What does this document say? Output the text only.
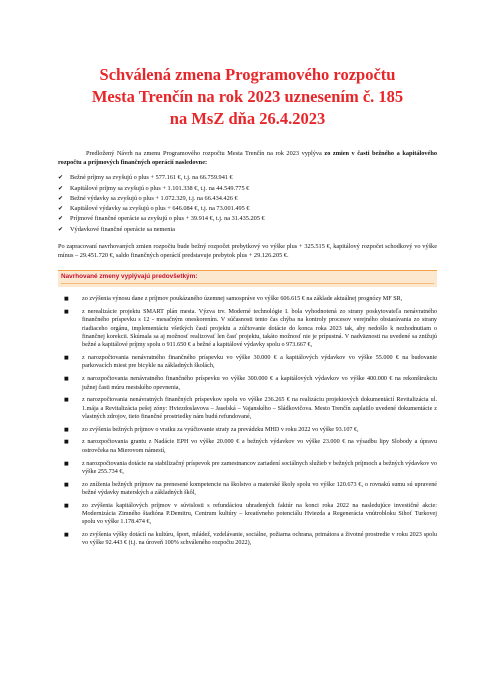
Schválená zmena Programového rozpočtu
Mesta Trenčín na rok 2023 uznesením č. 185
na MsZ dňa 26.4.2023

Predložený Návrh na zmenu Programového rozpočtu Mesta Trenčín na rok 2023 vyplýva zo zmien v časti bežného a kapitálového rozpočtu a príjmových finančných operácií nasledovne:

✔	Bežné príjmy sa zvyšujú o plus + 577.161 €, t.j. na 66.759.941 €
✔	Kapitálové príjmy sa zvyšujú o plus + 1.101.338 €, t.j. na 44.549.775 €
✔	Bežné výdavky sa zvyšujú o plus + 1.072.329, t.j. na 66.434.426 €
✔	Kapitálové výdavky sa zvyšujú o plus + 646.084 €, t.j. na 73.001.495 €
✔	Príjmové finančné operácie sa zvyšujú o plus + 39.914 €, t.j. na 31.435.205 €
✔	Výdavkové finančné operácie sa nemenia

Po zapracovaní navrhovaných zmien rozpočtu bude bežný rozpočet prebytkový vo výške plus + 325.515 €, kapitálový rozpočet schodkový vo výške mínus – 29.451.720 €, saldo finančných operácií predstavuje prebytok plus + 29.126.205 €.

Navrhované zmeny vyplývajú predovšetkým:
■	zo zvýšenia výnosu dane z príjmov poukázaného územnej samospráve vo výške 606.615 € na základe aktuálnej prognózy MF SR,
■	z nerealizácie projektu SMART plán mesta. Výzva trv. Moderné technológie I. bola vyhodnotená zo strany poskytovateľa nenávratného finančného príspevku s 12 - mesačným oneskorením. V súčasnosti tento čas chýba na kontroly procesov verejného obstarávania zo strany riadiaceho orgánu, implementáciu všetkých častí projektu a zúčtovanie dotácie do konca roka 2023 tak, aby nedošlo k nezhodnutiam o finančnej korekcii. Skúmala sa aj možnosť realizovať len časť projektu, takáto možnosť nie je prípustná. V nadväznosti na uvedené sa znižujú bežné a kapitálové príjmy spolu o 911.650 € a bežné a kapitálové výdavky spolu o 973.667 €,
■	z narozpočtovania nenávratného finančného príspevku vo výške 30.000 € a kapitálových výdavkov vo výške 55.000 € na budovanie parkovacích miest pre bicykle na základných školách,
■	z narozpočtovania nenávratného finančného príspevku vo výške 300.000 € a kapitálových výdavkov vo výške 400.000 € na rekonštrukciu južnej časti múru mestského opevnenia,
■	z narozpočtovania nenávratných finančných príspevkov spolu vo výške 236.265 € na realizáciu projektových dokumentácií Revitalizácia ul. 1.mája a Revitalizácia pešej zóny: Hviezdoslavova – Jaselská – Vajanského – Sládkovičova. Mesto Trenčín zaplatilo uvedené dokumentácie z vlastných zdrojov, tieto finančné prostriedky nám budú refundované,
■	zo zvýšenia bežných príjmov o vratku za vyúčtovanie straty za prevádzku MHD v roku 2022 vo výške 93.107 €,
■	z narozpočtovania grantu z Nadácie EPH vo výške 20.000 € a bežných výdavkov vo výške 23.000 € na výsadbu lipy Slobody a úpravu ostrovčeka na Mierovom námestí,
■	z narozpočtovania dotácie na stabilizačný príspevok pre zamestnancov zariadení sociálnych služieb v bežných príjmoch a bežných výdavkov vo výške 255.734 €,
■	zo zníženia bežných príjmov na prenesené kompetencie na školstvo a materské školy spolu vo výške 120.673 €, o rovnakú sumu sú upravené bežné výdavky materských a základných škôl,
■	zo zvýšenia kapitálových príjmov v súvislosti s refundáciou uhradených faktúr na konci roka 2022 na nasledujúce investičné akcie: Modernizácia Zimného štadióna P.Demitru, Centrum kultúry – kreatívneho potenciálu Hviezda a Regenerácia vnútrobloku Sihoť Turkovej spolu vo výške 1.178.474 €,
■	zo zvýšenia výšky dotácií na kultúru, šport, mládež, vzdelávanie, sociálne, požiarna ochrana, primátora a životné prostredie v roku 2023 spolu vo výške 92.443 € (t.j. na úroveň 100% schváleného rozpočtu 2022),
